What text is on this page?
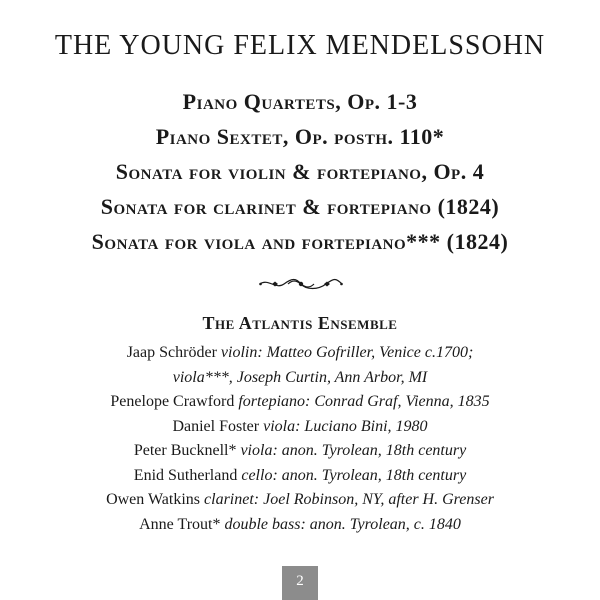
THE YOUNG FELIX MENDELSSOHN
Piano Quartets, Op. 1-3
Piano Sextet, Op. posth. 110*
Sonata for violin & fortepiano, Op. 4
Sonata for clarinet & fortepiano (1824)
Sonata for viola and fortepiano*** (1824)
The Atlantis Ensemble
Jaap Schröder violin: Matteo Gofriller, Venice c.1700;
viola***, Joseph Curtin, Ann Arbor, MI
Penelope Crawford fortepiano: Conrad Graf, Vienna, 1835
Daniel Foster viola: Luciano Bini, 1980
Peter Bucknell* viola: anon. Tyrolean, 18th century
Enid Sutherland cello: anon. Tyrolean, 18th century
Owen Watkins clarinet: Joel Robinson, NY, after H. Grenser
Anne Trout* double bass: anon. Tyrolean, c. 1840
2
